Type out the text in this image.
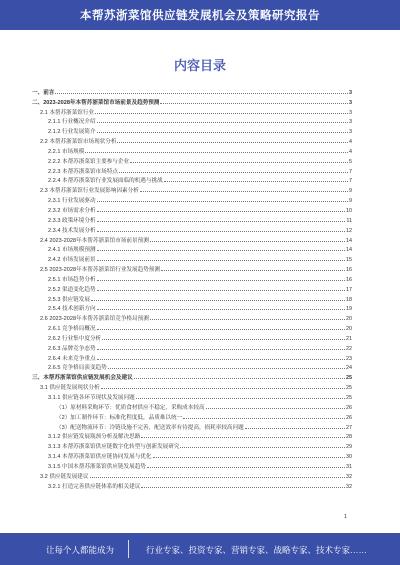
本帮苏浙菜馆供应链发展机会及策略研究报告
内容目录
一、前言	3
二、2023-2028年本帮苏浙菜馆市场前景及趋势预测	3
2.1 本帮苏浙菜馆行业	3
2.1.1 行业概况介绍	3
2.1.2 行业发展简介	3
2.2 本帮苏浙菜馆市场现状分析	4
2.2.1 市场规模	4
2.2.2 本帮苏浙菜馆主要参与企业	5
2.2.3 本帮苏浙菜馆市场特点	7
2.2.4 本帮苏浙菜馆行业发展面临的机遇与挑战	7
2.3 本帮苏浙菜馆行业发展影响因素分析	9
2.3.1 行业发展驱动	9
2.3.2 市场需求分析	10
2.3.3 政策环境分析	11
2.3.4 技术发展分析	12
2.4 2023-2028年本帮苏浙菜馆市场前景预测	14
2.4.1 市场规模预测	14
2.4.2 市场发展前景	15
2.5 2023-2028年本帮苏浙菜馆行业发展趋势预测	16
2.5.1 市场趋势分析	16
2.5.2 渠道变化趋势	17
2.5.3 供应链发展	18
2.5.4 技术创新方向	19
2.6 2023-2028年本帮苏浙菜馆竞争格局预测	20
2.6.1 竞争格局概况	20
2.6.2 行业集中度分析	21
2.6.3 品牌竞争态势	22
2.6.4 未来竞争重点	23
2.6.5 竞争格局演变趋势	24
三、本帮苏浙菜馆供应链发展机会及建议	25
3.1 供应链发展现状分析	25
3.1.1 供应链各环节现状及发展问题	25
（1）原材料采购环节：优质食材供应不稳定，采购成本较高	26
（2）加工制作环节：标准化程度低，品质难以统一	26
（3）配送物流环节：冷链设施不完善，配送效率有待提高，损耗率较高问题	27
3.1.2 供应链发展瓶颈分析及解决思路	28
3.1.3 本帮苏浙菜馆供应链数字化转型与创新发展研究	29
3.1.4 本帮苏浙菜馆供应链协同发展与优化	30
3.1.5 中国本帮苏浙菜馆供应链发展趋势	31
3.2 供应链发展建议	32
3.2.1 打造完善供应链体系的相关建议	32
1
让每个人都能成为	行业专家、投资专家、营销专家、战略专家、技术专家……
